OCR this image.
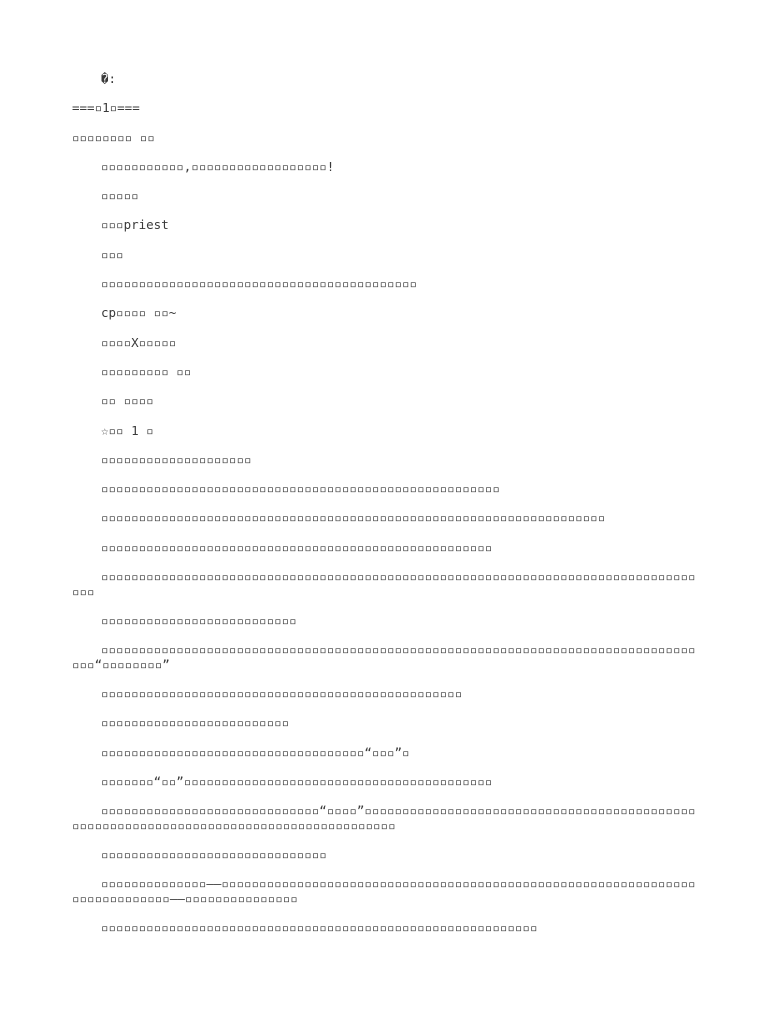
�:

===▫1▫===

▫▫▫▫▫▫▫▫ ▫▫

▫▫▫▫▫▫▫▫▫▫▫,▫▫▫▫▫▫▫▫▫▫▫▫▫▫▫▫▫▫!

▫▫▫▫▫

▫▫▫priest

▫▫▫

▫▫▫▫▫▫▫▫▫▫▫▫▫▫▫▫▫▫▫▫▫▫▫▫▫▫▫▫▫▫▫▫▫▫▫▫▫▫▫▫▫▫

cp▫▫▫▫ ▫▫~

▫▫▫▫X▫▫▫▫▫

▫▫▫▫▫▫▫▫▫ ▫▫

▫▫ ▫▫▫▫

☆▫▫ 1 ▫

▫▫▫▫▫▫▫▫▫▫▫▫▫▫▫▫▫▫▫▫

▫▫▫▫▫▫▫▫▫▫▫▫▫▫▫▫▫▫▫▫▫▫▫▫▫▫▫▫▫▫▫▫▫▫▫▫▫▫▫▫▫▫▫▫▫▫▫▫▫▫▫▫▫

▫▫▫▫▫▫▫▫▫▫▫▫▫▫▫▫▫▫▫▫▫▫▫▫▫▫▫▫▫▫▫▫▫▫▫▫▫▫▫▫▫▫▫▫▫▫▫▫▫▫▫▫▫▫▫▫▫▫▫▫▫▫▫▫▫▫▫

▫▫▫▫▫▫▫▫▫▫▫▫▫▫▫▫▫▫▫▫▫▫▫▫▫▫▫▫▫▫▫▫▫▫▫▫▫▫▫▫▫▫▫▫▫▫▫▫▫▫▫▫

▫▫▫▫▫▫▫▫▫▫▫▫▫▫▫▫▫▫▫▫▫▫▫▫▫▫▫▫▫▫▫▫▫▫▫▫▫▫▫▫▫▫▫▫▫▫▫▫▫▫▫▫▫▫▫▫▫▫▫▫▫▫▫▫▫▫▫▫▫▫▫▫▫▫▫▫▫▫▫▫▫▫

▫▫▫▫▫▫▫▫▫▫▫▫▫▫▫▫▫▫▫▫▫▫▫▫▫▫

▫▫▫▫▫▫▫▫▫▫▫▫▫▫▫▫▫▫▫▫▫▫▫▫▫▫▫▫▫▫▫▫▫▫▫▫▫▫▫▫▫▫▫▫▫▫▫▫▫▫▫▫▫▫▫▫▫▫▫▫▫▫▫▫▫▫▫▫▫▫▫▫▫▫▫▫▫▫▫▫▫▫“▫▫▫▫▫▫▫▫”

▫▫▫▫▫▫▫▫▫▫▫▫▫▫▫▫▫▫▫▫▫▫▫▫▫▫▫▫▫▫▫▫▫▫▫▫▫▫▫▫▫▫▫▫▫▫▫▫

▫▫▫▫▫▫▫▫▫▫▫▫▫▫▫▫▫▫▫▫▫▫▫▫▫

▫▫▫▫▫▫▫▫▫▫▫▫▫▫▫▫▫▫▫▫▫▫▫▫▫▫▫▫▫▫▫▫▫▫▫“▫▫▫”▫

▫▫▫▫▫▫▫“▫▫”▫▫▫▫▫▫▫▫▫▫▫▫▫▫▫▫▫▫▫▫▫▫▫▫▫▫▫▫▫▫▫▫▫▫▫▫▫▫▫▫▫

▫▫▫▫▫▫▫▫▫▫▫▫▫▫▫▫▫▫▫▫▫▫▫▫▫▫▫▫▫“▫▫▫▫”▫▫▫▫▫▫▫▫▫▫▫▫▫▫▫▫▫▫▫▫▫▫▫▫▫▫▫▫▫▫▫▫▫▫▫▫▫▫▫▫▫▫▫▫▫▫▫▫▫▫▫▫▫▫▫▫▫▫▫▫▫▫▫▫▫▫▫▫▫▫▫▫▫▫▫▫▫▫▫▫▫▫▫▫▫▫▫

▫▫▫▫▫▫▫▫▫▫▫▫▫▫▫▫▫▫▫▫▫▫▫▫▫▫▫▫▫▫

▫▫▫▫▫▫▫▫▫▫▫▫▫▫——▫▫▫▫▫▫▫▫▫▫▫▫▫▫▫▫▫▫▫▫▫▫▫▫▫▫▫▫▫▫▫▫▫▫▫▫▫▫▫▫▫▫▫▫▫▫▫▫▫▫▫▫▫▫▫▫▫▫▫▫▫▫▫▫▫▫▫▫▫▫▫▫▫▫▫▫——▫▫▫▫▫▫▫▫▫▫▫▫▫▫▫

▫▫▫▫▫▫▫▫▫▫▫▫▫▫▫▫▫▫▫▫▫▫▫▫▫▫▫▫▫▫▫▫▫▫▫▫▫▫▫▫▫▫▫▫▫▫▫▫▫▫▫▫▫▫▫▫▫▫
